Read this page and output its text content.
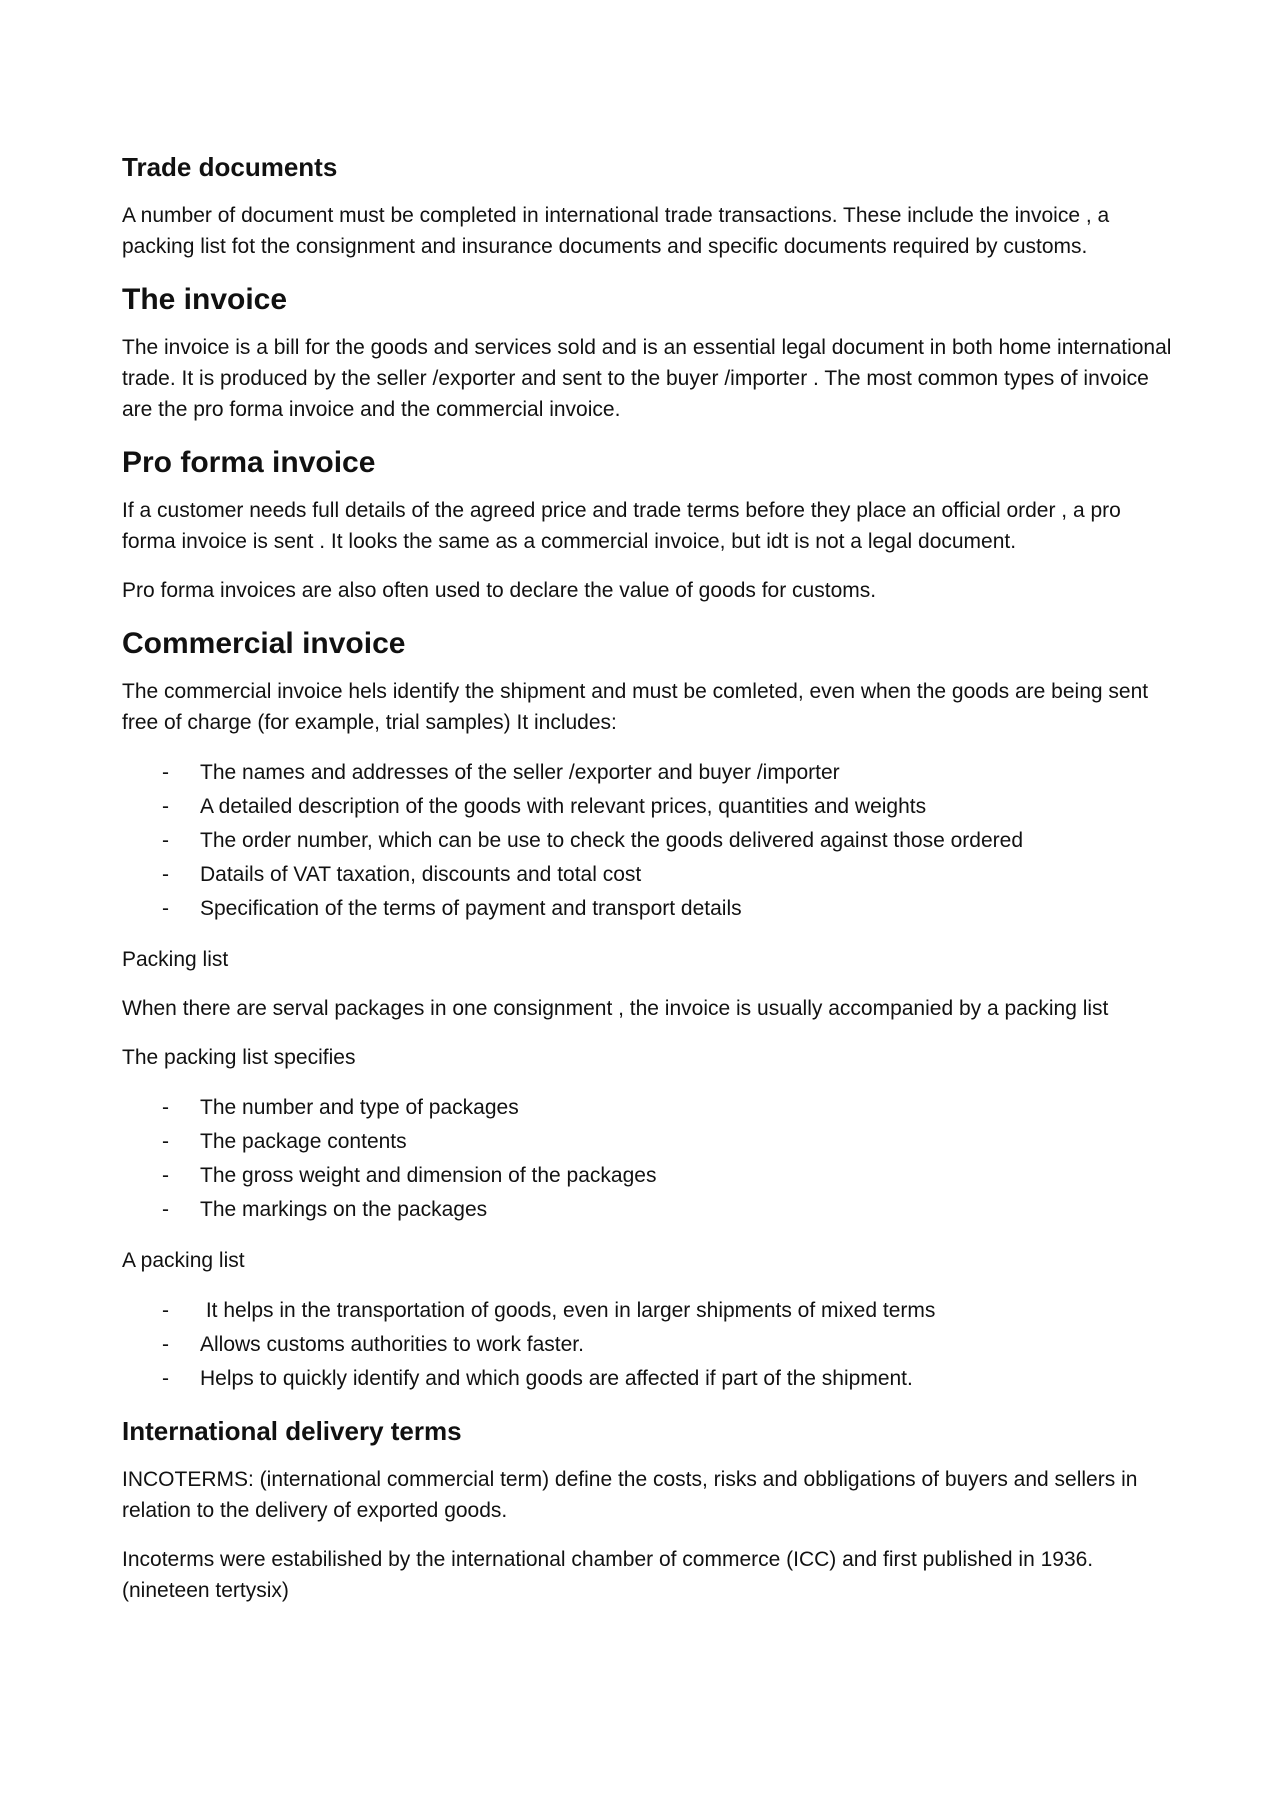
Trade documents

A number of document must be completed in international trade transactions. These include the invoice , a packing list fot the consignment and insurance documents and specific documents required by customs.

The invoice

The invoice is a bill for the goods and services sold and is an essential legal document in both home international trade. It is produced by the seller /exporter and sent to the buyer /importer . The most common types of invoice are the pro forma invoice and the commercial invoice.

Pro forma invoice

If a customer needs full details of the agreed price and trade terms before they place an official order , a pro forma invoice is sent . It looks the same as a commercial invoice, but idt is not a legal document.

Pro forma invoices are also often used to declare the value of goods for customs.

Commercial invoice

The commercial invoice hels identify the shipment and must be comleted, even when the goods are being sent free of charge (for example, trial samples) It includes:

- The names and addresses of the seller /exporter and buyer /importer
- A detailed description of the goods with relevant prices, quantities and weights
- The order number, which can be use to check the goods delivered against those ordered
- Datails of VAT taxation, discounts and total cost
- Specification of the terms of payment and transport details

Packing list

When there are serval packages in one consignment , the invoice is usually accompanied by a packing list

The packing list specifies

- The number and type of packages
- The package contents
- The gross weight and dimension of the packages
- The markings on the packages

A packing list

- It helps in the transportation of goods, even in larger shipments of mixed terms
- Allows customs authorities to work faster.
- Helps to quickly identify and which goods are affected if part of the shipment.
International delivery terms

INCOTERMS: (international commercial term) define the costs, risks and obbligations of buyers and sellers in relation to the delivery of exported goods.

Incoterms were estabilished by the international chamber of commerce (ICC) and first published in 1936. (nineteen tertysix)
